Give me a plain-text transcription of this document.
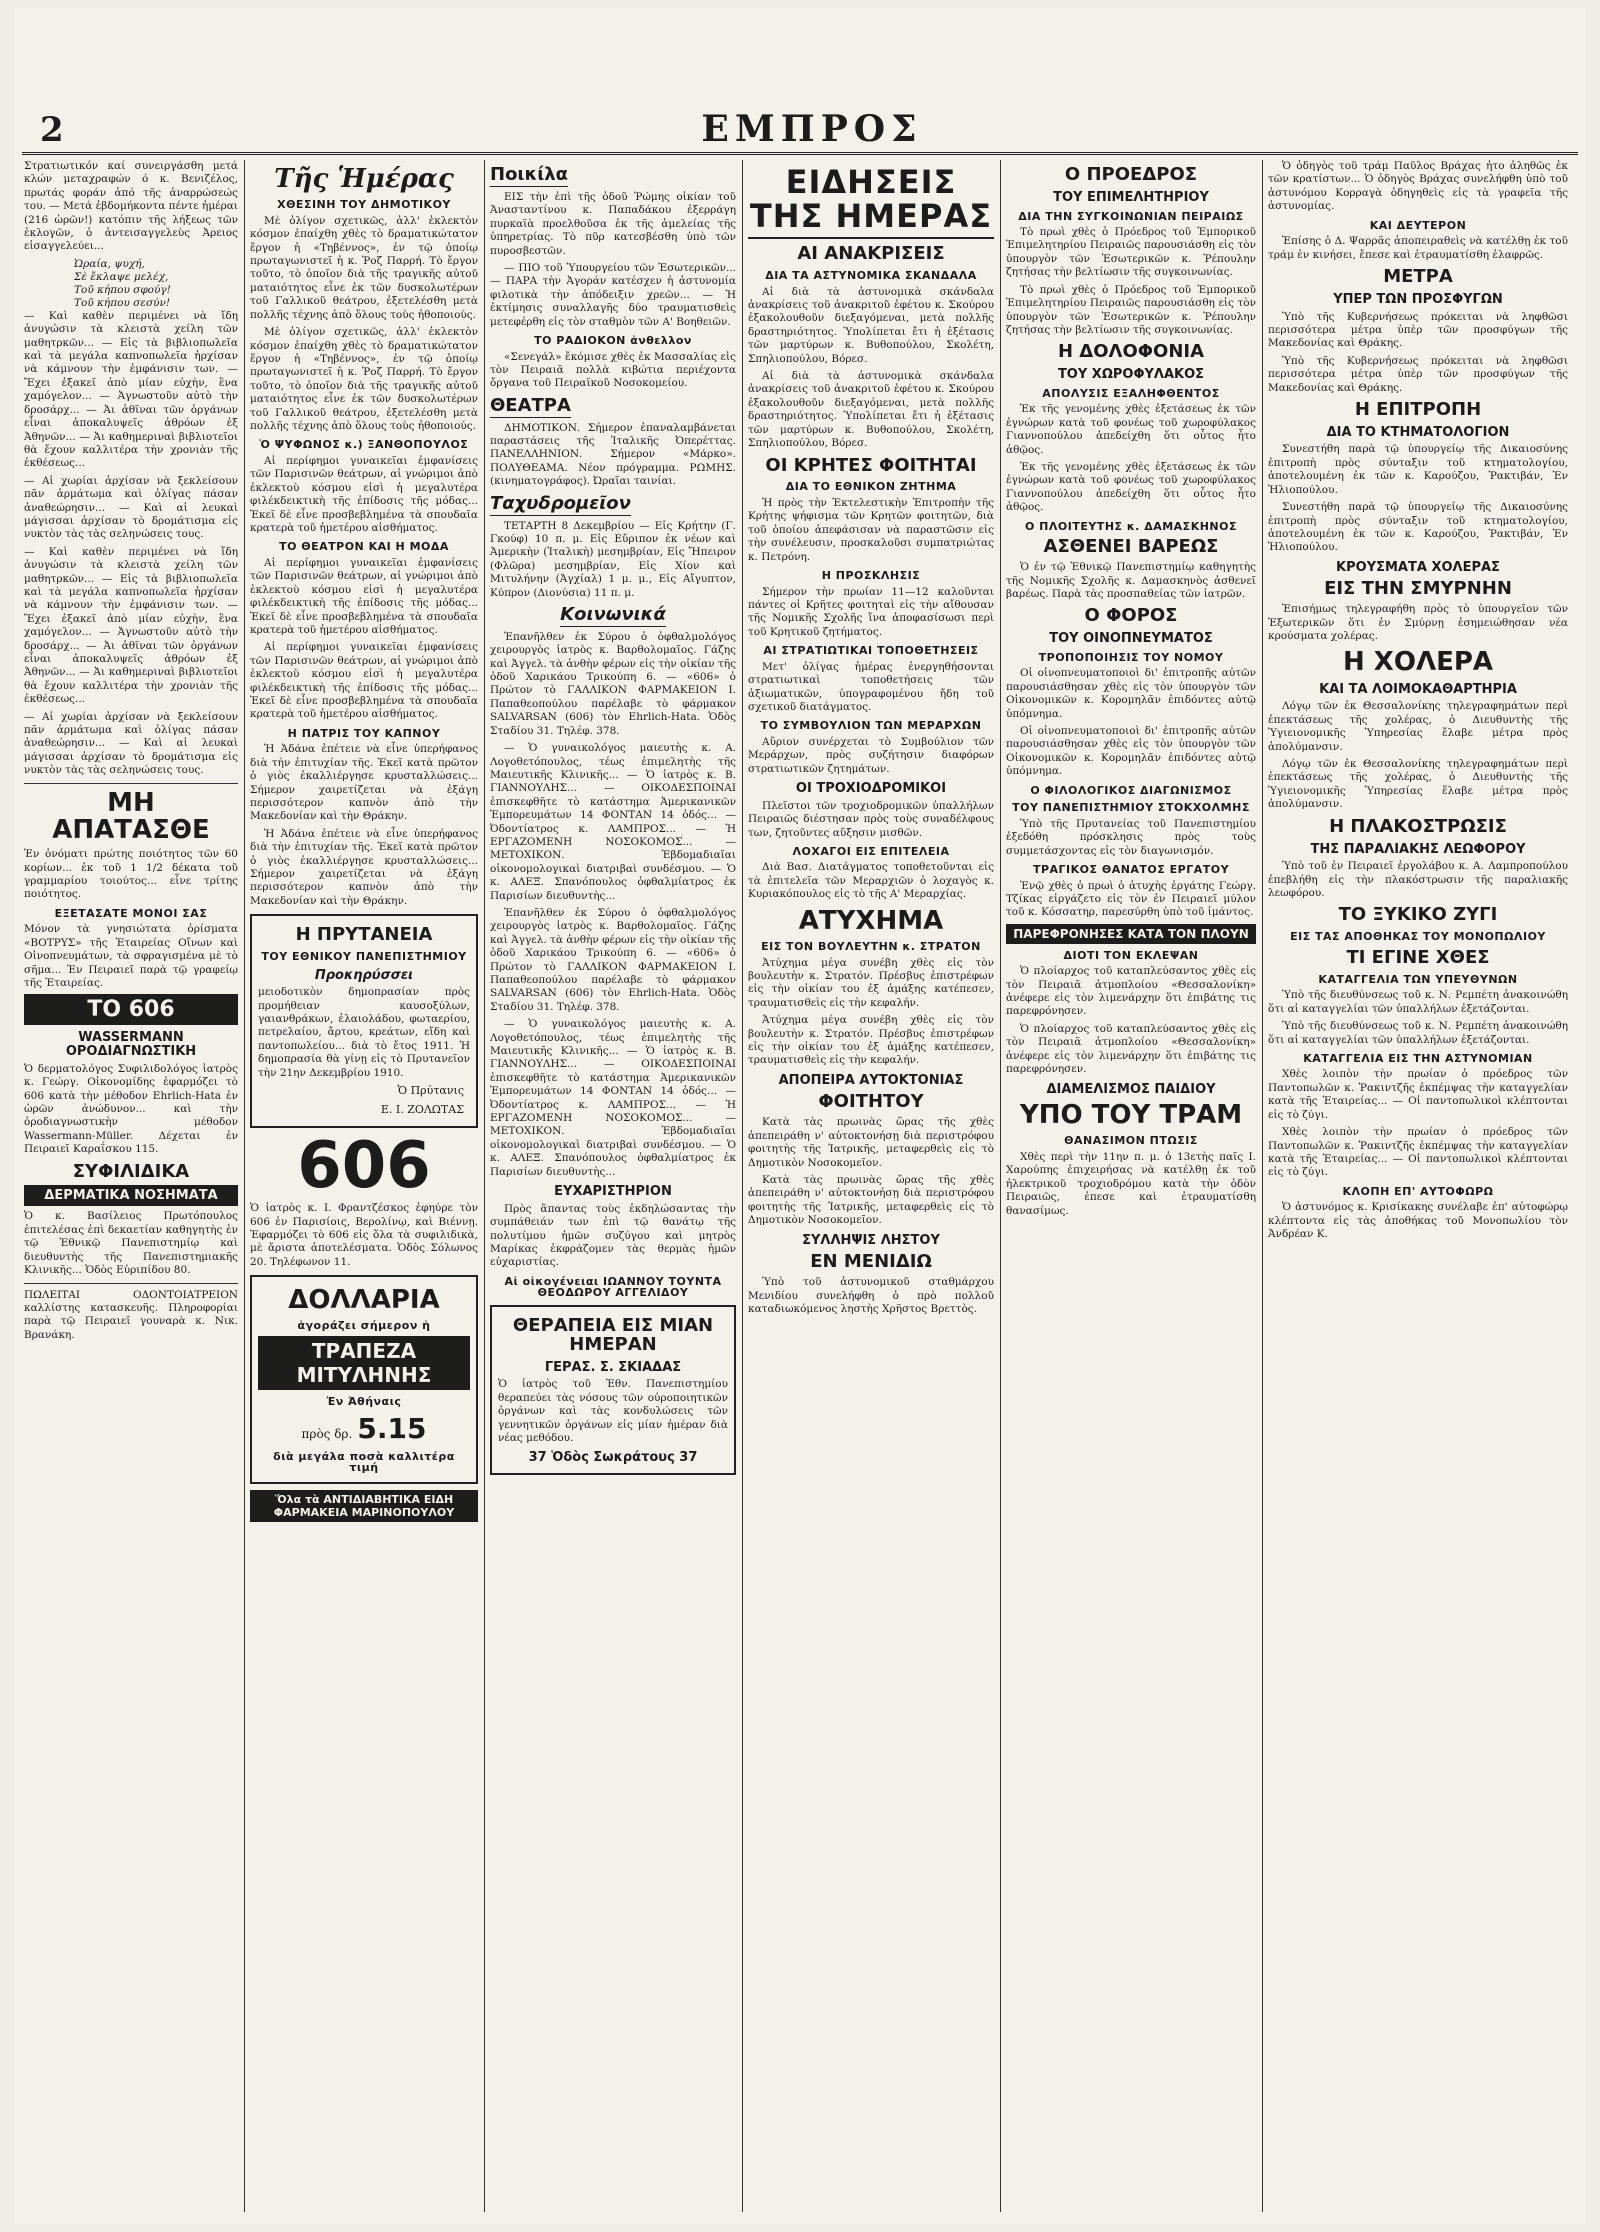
2	ΕΜΠΡΟΣ

Στρατιωτικόν καί συνειργάσθη μετά κλών μεταχραφών ό κ. Βενιζέλος, πρωτάς φοράν ἀπό τῆς ἀναρρώσεώς του. — Μετά ἐβδομήκοντα πέντε ἡμέραι (216 ὡρῶν!) κατόπιν τῆς λήξεως τῶν ἐκλογῶν, ὁ ἀντεισαγγελεὺς Ἀρειος εἰσαγγελεύει...

Ὡραία, ψυχή,
Σὲ ἔκλαψε μελέχ,
Τοῦ κήπου σφούγ!
Τοῦ κήπου σεσύν!

— Καὶ καθὲν περιμένει νὰ ἴδη ἀνυγώσιν τὰ κλειστὰ χείλη τῶν μαθητρκῶν... — Εἰς τὰ βιβλιοπωλεῖα καὶ τὰ μεγάλα καπνοπωλεῖα ἡρχίσαν νὰ κάμνουν τὴν ἐμφάνισιν των. — Ἔχει ἐξακεῖ ἀπὸ μίαν εὐχὴν, ἓνα χαμόγελον... — Ἀγνωστοῦν αὐτὸ τὴν δροσάρχ... — Ἀι ἀθῖναι τῶν ὀργάνων εἶναι ἀποκαλυψεῖς ἀθρόων ἐξ Ἀθηνῶν... — Ἀι καθημεριναὶ βιβλιοτεῖοι θὰ ἔχουν καλλιτέρα τὴν χρονιὰν τῆς ἐκθέσεως...

— Αἱ χωρίαι ἀρχίσαν νὰ ξεκλείσουν πᾶν ἀρμάτωμα καὶ ὁλίγας πάσαν ἀναθεώρησιν... — Καὶ αἱ λευκαὶ μάγισσαι ἀρχίσαν τὸ δρομάτισμα εἰς νυκτὸν τὰς τὰς σεληνώσεις τους.

— Καὶ καθὲν περιμένει νὰ ἴδη ἀνυγώσιν τὰ κλειστὰ χείλη τῶν μαθητρκῶν... — Εἰς τὰ βιβλιοπωλεῖα καὶ τὰ μεγάλα καπνοπωλεῖα ἡρχίσαν νὰ κάμνουν τὴν ἐμφάνισιν των. — Ἔχει ἐξακεῖ ἀπὸ μίαν εὐχὴν, ἓνα χαμόγελον... — Ἀγνωστοῦν αὐτὸ τὴν δροσάρχ... — Ἀι ἀθῖναι τῶν ὀργάνων εἶναι ἀποκαλυψεῖς ἀθρόων ἐξ Ἀθηνῶν... — Ἀι καθημεριναὶ βιβλιοτεῖοι θὰ ἔχουν καλλιτέρα τὴν χρονιὰν τῆς ἐκθέσεως...

— Αἱ χωρίαι ἀρχίσαν νὰ ξεκλείσουν πᾶν ἀρμάτωμα καὶ ὁλίγας πάσαν ἀναθεώρησιν... — Καὶ αἱ λευκαὶ μάγισσαι ἀρχίσαν τὸ δρομάτισμα εἰς νυκτὸν τὰς τὰς σεληνώσεις τους.

ΜΗ ΑΠΑΤΑΣΘΕ

Ἐν ὀνόματι πρώτης ποιότητος τῶν 60 κορίων... ἐκ τοῦ 1 1/2 δέκατα τοῦ γραμμαρίου τοιούτος... εἶνε τρίτης ποιότητος.

ΕΞΕΤΑΣΑΤΕ ΜΟΝΟΙ ΣΑΣ

Μόνον τὰ γνησιώτατα ὀρίσματα «ΒΟΤΡΥΣ» τῆς Ἑταιρείας Οἴνων καὶ Οἰνοπνευμάτων, τὰ σφραγισμένα μὲ τὸ σῆμα... Ἐν Πειραιεῖ παρὰ τῷ γραφείῳ τῆς Ἑταιρείας.

ΤΟ 606
WASSERMANN ΟΡΟΔΙΑΓΝΩΣΤΙΚΗ

Ὁ δερματολόγος Συφιλιδολόγος ἰατρὸς κ. Γεώργ. Οἰκονομίδης ἐφαρμόζει τὸ 606 κατὰ τὴν μέθοδον Ehrlich-Hata ἐν ὡρῶν ἀνώδυνον... καὶ τὴν ὀροδιαγνωστικὴν μέθοδον Wassermann-Müller. Δέχεται ἐν Πειραιεῖ Καραΐσκου 115.

ΣΥΦΙΛΙΔΙΚΑ
ΔΕΡΜΑΤΙΚΑ ΝΟΣΗΜΑΤΑ

Ὁ κ. Βασίλειος Πρωτόπουλος ἐπιτελέσας ἐπὶ δεκαετίαν καθηγητὴς ἐν τῷ Ἐθνικῷ Πανεπιστημίῳ καὶ διευθυντὴς τῆς Πανεπιστημιακῆς Κλινικῆς... Ὁδὸς Εὐριπίδου 80.

ΠΩΛΕΙΤΑΙ ΟΔΟΝΤΟΙΑΤΡΕΙΟΝ καλλίστης κατασκευῆς. Πληροφορίαι παρὰ τῷ Πειραιεῖ γουναρὰ κ. Νικ. Βρανάκη.

Τῆς Ἡμέρας
ΧΘΕΣΙΝΗ ΤΟΥ ΔΗΜΟΤΙΚΟΥ

Μὲ ὀλίγον σχετικῶς, ἀλλ' ἐκλεκτὸν κόσμον ἐπαίχθη χθὲς τὸ δραματικώτατον ἔργον ἡ «Τηβέννος», ἐν τῷ ὁποίῳ πρωταγωνιστεῖ ἡ κ. Ῥοζ Παρρή. Τὸ ἔργον τοῦτο, τὸ ὁποῖον διὰ τῆς τραγικῆς αὐτοῦ ματαιότητος εἶνε ἐκ τῶν δυσκολωτέρων τοῦ Γαλλικοῦ θεάτρου, ἐξετελέσθη μετὰ πολλῆς τέχνης ἀπὸ ὅλους τοὺς ἠθοποιούς.

Μὲ ὀλίγον σχετικῶς, ἀλλ' ἐκλεκτὸν κόσμον ἐπαίχθη χθὲς τὸ δραματικώτατον ἔργον ἡ «Τηβέννος», ἐν τῷ ὁποίῳ πρωταγωνιστεῖ ἡ κ. Ῥοζ Παρρή. Τὸ ἔργον τοῦτο, τὸ ὁποῖον διὰ τῆς τραγικῆς αὐτοῦ ματαιότητος εἶνε ἐκ τῶν δυσκολωτέρων τοῦ Γαλλικοῦ θεάτρου, ἐξετελέσθη μετὰ πολλῆς τέχνης ἀπὸ ὅλους τοὺς ἠθοποιούς.

Ὁ ΨΥΦΩΝΟΣ κ.) ΞΑΝΘΟΠΟΥΛΟΣ

Αἱ περίφημοι γυναικεῖαι ἐμφανίσεις τῶν Παρισινῶν θεάτρων, αἱ γνώριμοι ἀπὸ ἐκλεκτοὺ κόσμου εἰσὶ ἡ μεγαλυτέρα φιλέκδεικτικὴ τῆς ἐπίδοσις τῆς μόδας... Ἐκεῖ δὲ εἶνε προσβεβλημένα τὰ σπουδαῖα κρατερὰ τοῦ ἡμετέρου αἰσθήματος.

ΤΟ ΘΕΑΤΡΟΝ ΚΑΙ Η ΜΟΔΑ

Αἱ περίφημοι γυναικεῖαι ἐμφανίσεις τῶν Παρισινῶν θεάτρων, αἱ γνώριμοι ἀπὸ ἐκλεκτοὺ κόσμου εἰσὶ ἡ μεγαλυτέρα φιλέκδεικτικὴ τῆς ἐπίδοσις τῆς μόδας... Ἐκεῖ δὲ εἶνε προσβεβλημένα τὰ σπουδαῖα κρατερὰ τοῦ ἡμετέρου αἰσθήματος.

Αἱ περίφημοι γυναικεῖαι ἐμφανίσεις τῶν Παρισινῶν θεάτρων, αἱ γνώριμοι ἀπὸ ἐκλεκτοὺ κόσμου εἰσὶ ἡ μεγαλυτέρα φιλέκδεικτικὴ τῆς ἐπίδοσις τῆς μόδας... Ἐκεῖ δὲ εἶνε προσβεβλημένα τὰ σπουδαῖα κρατερὰ τοῦ ἡμετέρου αἰσθήματος.

Η ΠΑΤΡΙΣ ΤΟΥ ΚΑΠΝΟΥ

Ἡ Ἀδάνα ἐπέτειε νὰ εἶνε ὑπερήφανος διὰ τὴν ἐπιτυχίαν τῆς. Ἐκεῖ κατὰ πρῶτον ὁ γιὸς ἐκαλλιέργησε κρυσταλλώσεις... Σήμερον χαιρετίζεται νὰ ἐξάγη περισσότερον καπνὸν ἀπὸ τὴν Μακεδονίαν καὶ τὴν Θράκην.

Ἡ Ἀδάνα ἐπέτειε νὰ εἶνε ὑπερήφανος διὰ τὴν ἐπιτυχίαν τῆς. Ἐκεῖ κατὰ πρῶτον ὁ γιὸς ἐκαλλιέργησε κρυσταλλώσεις... Σήμερον χαιρετίζεται νὰ ἐξάγη περισσότερον καπνὸν ἀπὸ τὴν Μακεδονίαν καὶ τὴν Θράκην.

Η ΠΡΥΤΑΝΕΙΑ
ΤΟΥ ΕΘΝΙΚΟΥ ΠΑΝΕΠΙΣΤΗΜΙΟΥ
Προκηρύσσει

μειοδοτικὸν δημοπρασίαν πρὸς προμήθειαν καυσοξύλων, γαιανθράκων, ἐλαιολάδου, φωταερίου, πετρελαίου, ἄρτου, κρεάτων, εἴδη καὶ παντοπωλείου... διὰ τὸ ἔτος 1911. Ἡ δημοπρασία θὰ γίνῃ εἰς τὸ Πρυτανεῖον τὴν 21ην Δεκεμβρίου 1910.

Ὁ Πρύτανις
Ε. Ι. ΖΟΛΩΤΑΣ
606

Ὁ ἰατρὸς κ. Ι. Φραντζέσκος ἐφηύρε τὸν 606 ἐν Παρισίοις, Βερολίνῳ, καὶ Βιέννῃ. Ἐφαρμόζει τὸ 606 εἰς ὅλα τὰ συφιλιδικὰ, μὲ ἄριστα ἀποτελέσματα. Ὁδὸς Σόλωνος 20. Τηλέφωνον 11.

ΔΟΛΛΑΡΙΑ
ἀγοράζει σήμερον ἡ
ΤΡΑΠΕΖΑ ΜΙΤΥΛΗΝΗΣ
Ἐν Ἀθήναις
πρὸς δρ. 5.15
διὰ μεγάλα ποσὰ καλλιτέρα τιμή
Ὅλα τὰ ΑΝΤΙΔΙΑΒΗΤΙΚΑ ΕΙΔΗ ΦΑΡΜΑΚΕΙΑ ΜΑΡΙΝΟΠΟΥΛΟΥ
Ποικίλα

ΕΙΣ τὴν ἐπὶ τῆς ὁδοῦ Ῥώμης οἰκίαν τοῦ Ἀνασταντίνου κ. Παπαδάκου ἐξερράγη πυρκαϊὰ προελθοῦσα ἐκ τῆς ἀμελείας τῆς ὑπηρετρίας. Τὸ πῦρ κατεσβέσθη ὑπὸ τῶν πυροσβεστῶν.

— ΠΙΟ τοῦ Ὑπουργείου τῶν Ἐσωτερικῶν... — ΠΑΡΑ τὴν Ἀγοράν κατέσχεν ἡ ἀστυνομία φιλοτικὰ τὴν ἀπόδειξιν χρεῶν... — Ἡ ἐκτίμησις συναλλαγῆς δύο τραυματισθεὶς μετεφέρθη εἰς τὸν σταθμὸν τῶν Α' Βοηθειῶν.

ΤΟ ΡΑΔΙΟΚΟΝ ἀνθελλον

«Σενεγάλ» ἔκόμισε χθὲς ἐκ Μασσαλίας εἰς τὸν Πειραιᾶ πολλὰ κιβώτια περιέχοντα ὄργανα τοῦ Πειραϊκοῦ Νοσοκομείου.

ΘΕΑΤΡΑ

ΔΗΜΟΤΙΚΟΝ. Σήμερον ἐπαναλαμβάνεται παραστάσεις τῆς Ἰταλικῆς Ὀπερέττας. ΠΑΝΕΛΛΗΝΙΟΝ. Σήμερον «Μάρκο». ΠΟΛΥΘΕΑΜΑ. Νέον πρόγραμμα. ΡΩΜΗΣ. (κινηματογράφος). Ὠραῖαι ταινίαι.

Ταχυδρομεῖον

ΤΕΤΑΡΤΗ 8 Δεκεμβρίου — Εἰς Κρήτην (Γ. Γκούφ) 10 π. μ. Εἰς Εὔριπον ἐκ νέων καὶ Ἀμερικὴν (Ἰταλικὴ) μεσημβρίαν, Εἰς Ἤπειρον (Φλῶρα) μεσημβρίαν, Εἰς Χίον καὶ Μιτυλήνην (Ἀγχίαλ) 1 μ. μ., Εἰς Αἴγυπτον, Κύπρον (Διονύσια) 11 π. μ.

Κοινωνικά

Ἐπανῆλθεν ἐκ Σύρου ὁ ὀφθαλμολόγος χειρουργὸς ἰατρὸς κ. Βαρθολομαῖος. Γάζης καὶ Ἀγγελ. τὰ ἀνθὴν φέρων εἰς τὴν οἰκίαν τῆς ὁδοῦ Χαρικάου Τρικούπη 6. — «606» ὁ Πρώτον τὸ ΓΑΛΛΙΚΟΝ ΦΑΡΜΑΚΕΙΟΝ Ι. Παπαθεοπούλου παρέλαβε τὸ φάρμακον SALVARSAN (606) τὸν Ehrlich-Hata. Ὁδὸς Σταδίου 31. Τηλέφ. 378.

— Ὁ γυναικολόγος μαιευτὴς κ. Α. Λογοθετόπουλος, τέως ἐπιμελητὴς τῆς Μαιευτικῆς Κλινικῆς... — Ὁ ἰατρὸς κ. Β. ΓΙΑΝΝΟΥΛΗΣ... — ΟΙΚΟΔΕΣΠΟΙΝΑΙ ἐπισκεφθῆτε τὸ κατάστημα Ἀμερικανικῶν Ἐμπορευμάτων 14 ΦΟΝΤΑΝ 14 ὁδός... — Ὀδοντίατρος κ. ΛΑΜΠΡΟΣ... — Ἡ ΕΡΓΑΖΟΜΕΝΗ ΝΟΣΟΚΟΜΟΣ... — ΜΕΤΟΧΙΚΟΝ. Ἐβδομαδιαῖαι οἰκονομολογικαὶ διατριβαὶ συνδέσμου. — Ὁ κ. ΑΛΕΞ. Σπανόπουλος ὀφθαλμίατρος ἐκ Παρισίων διευθυντὴς...

Ἐπανῆλθεν ἐκ Σύρου ὁ ὀφθαλμολόγος χειρουργὸς ἰατρὸς κ. Βαρθολομαῖος. Γάζης καὶ Ἀγγελ. τὰ ἀνθὴν φέρων εἰς τὴν οἰκίαν τῆς ὁδοῦ Χαρικάου Τρικούπη 6. — «606» ὁ Πρώτον τὸ ΓΑΛΛΙΚΟΝ ΦΑΡΜΑΚΕΙΟΝ Ι. Παπαθεοπούλου παρέλαβε τὸ φάρμακον SALVARSAN (606) τὸν Ehrlich-Hata. Ὁδὸς Σταδίου 31. Τηλέφ. 378.

— Ὁ γυναικολόγος μαιευτὴς κ. Α. Λογοθετόπουλος, τέως ἐπιμελητὴς τῆς Μαιευτικῆς Κλινικῆς... — Ὁ ἰατρὸς κ. Β. ΓΙΑΝΝΟΥΛΗΣ... — ΟΙΚΟΔΕΣΠΟΙΝΑΙ ἐπισκεφθῆτε τὸ κατάστημα Ἀμερικανικῶν Ἐμπορευμάτων 14 ΦΟΝΤΑΝ 14 ὁδός... — Ὀδοντίατρος κ. ΛΑΜΠΡΟΣ... — Ἡ ΕΡΓΑΖΟΜΕΝΗ ΝΟΣΟΚΟΜΟΣ... — ΜΕΤΟΧΙΚΟΝ. Ἐβδομαδιαῖαι οἰκονομολογικαὶ διατριβαὶ συνδέσμου. — Ὁ κ. ΑΛΕΞ. Σπανόπουλος ὀφθαλμίατρος ἐκ Παρισίων διευθυντὴς...

ΕΥΧΑΡΙΣΤΗΡΙΟΝ

Πρὸς ἅπαντας τοὺς ἐκδηλώσαντας τὴν συμπάθειάν των ἐπὶ τῷ θανάτῳ τῆς πολυτίμου ἡμῶν συζύγου καὶ μητρὸς Μαρίκας ἐκφράζομεν τὰς θερμὰς ἡμῶν εὐχαριστίας.

Αἱ οἰκογένειαι ΙΩΑΝΝΟΥ ΤΟΥΝΤΑ ΘΕΟΔΩΡΟΥ ΑΓΓΕΛΙΔΟΥ
ΘΕΡΑΠΕΙΑ ΕΙΣ ΜΙΑΝ ΗΜΕΡΑΝ
ΓΕΡΑΣ. Σ. ΣΚΙΑΔΑΣ

Ὁ ἰατρὸς τοῦ Ἐθν. Πανεπιστημίου θεραπεύει τὰς νόσους τῶν οὐροποιητικῶν ὀργάνων καὶ τὰς κονδυλώσεις τῶν γεννητικῶν ὀργάνων εἰς μίαν ἡμέραν διὰ νέας μεθόδου.

37 Ὁδὸς Σωκράτους 37
ΕΙΔΗΣΕΙΣ ΤΗΣ ΗΜΕΡΑΣ
ΑΙ ΑΝΑΚΡΙΣΕΙΣ
ΔΙΑ ΤΑ ΑΣΤΥΝΟΜΙΚΑ ΣΚΑΝΔΑΛΑ

Αἱ διὰ τὰ ἀστυνομικὰ σκάνδαλα ἀνακρίσεις τοῦ ἀνακριτοῦ ἐφέτου κ. Σκούρου ἐξακολουθοῦν διεξαγόμεναι, μετὰ πολλῆς δραστηριότητος. Ὑπολίπεται ἔτι ἡ ἐξέτασις τῶν μαρτύρων κ. Βυθοπούλου, Σκολέτη, Σπηλιοπούλου, Βόρεσ.

Αἱ διὰ τὰ ἀστυνομικὰ σκάνδαλα ἀνακρίσεις τοῦ ἀνακριτοῦ ἐφέτου κ. Σκούρου ἐξακολουθοῦν διεξαγόμεναι, μετὰ πολλῆς δραστηριότητος. Ὑπολίπεται ἔτι ἡ ἐξέτασις τῶν μαρτύρων κ. Βυθοπούλου, Σκολέτη, Σπηλιοπούλου, Βόρεσ.

ΟΙ ΚΡΗΤΕΣ ΦΟΙΤΗΤΑΙ
ΔΙΑ ΤΟ ΕΘΝΙΚΟΝ ΖΗΤΗΜΑ

Ἡ πρὸς τὴν Ἐκτελεστικὴν Ἐπιτροπὴν τῆς Κρήτης ψήφισμα τῶν Κρητῶν φοιτητῶν, διὰ τοῦ ὁποίου ἀπεφάσισαν νὰ παραστῶσιν εἰς τὴν συνέλευσιν, προσκαλοῦσι συμπατριώτας κ. Πετρόνη.

Η ΠΡΟΣΚΛΗΣΙΣ

Σήμερον τὴν πρωίαν 11—12 καλοῦνται πάντες οἱ Κρῆτες φοιτηταὶ εἰς τὴν αἴθουσαν τῆς Νομικῆς Σχολῆς ἵνα ἀποφασίσωσι περὶ τοῦ Κρητικοῦ ζητήματος.

ΑΙ ΣΤΡΑΤΙΩΤΙΚΑΙ ΤΟΠΟΘΕΤΗΣΕΙΣ

Μετ' ὀλίγας ἡμέρας ἐνεργηθήσονται στρατιωτικαὶ τοποθετήσεις τῶν ἀξιωματικῶν, ὑπογραφομένου ἤδη τοῦ σχετικοῦ διατάγματος.

ΤΟ ΣΥΜΒΟΥΛΙΟΝ ΤΩΝ ΜΕΡΑΡΧΩΝ

Αὔριον συνέρχεται τὸ Συμβούλιον τῶν Μεράρχων, πρὸς συζήτησιν διαφόρων στρατιωτικῶν ζητημάτων.

ΟΙ ΤΡΟΧΙΟΔΡΟΜΙΚΟΙ

Πλεῖστοι τῶν τροχιοδρομικῶν ὑπαλλήλων Πειραιῶς διέστησαν πρὸς τοὺς συναδέλφους των, ζητοῦντες αὔξησιν μισθῶν.

ΛΟΧΑΓΟΙ ΕΙΣ ΕΠΙΤΕΛΕΙΑ

Διὰ Βασ. Διατάγματος τοποθετοῦνται εἰς τὰ ἐπιτελεῖα τῶν Μεραρχιῶν ὁ λοχαγὸς κ. Κυριακόπουλος εἰς τὸ τῆς Α' Μεραρχίας.

ΑΤΥΧΗΜΑ
ΕΙΣ ΤΟΝ ΒΟΥΛΕΥΤΗΝ κ. ΣΤΡΑΤΟΝ

Ἀτύχημα μέγα συνέβη χθὲς εἰς τὸν βουλευτὴν κ. Στρατόν. Πρέσβυς ἐπιστρέφων εἰς τὴν οἰκίαν του ἐξ ἁμάξης κατέπεσεν, τραυματισθεὶς εἰς τὴν κεφαλήν.

Ἀτύχημα μέγα συνέβη χθὲς εἰς τὸν βουλευτὴν κ. Στρατόν. Πρέσβυς ἐπιστρέφων εἰς τὴν οἰκίαν του ἐξ ἁμάξης κατέπεσεν, τραυματισθεὶς εἰς τὴν κεφαλήν.

ΑΠΟΠΕΙΡΑ ΑΥΤΟΚΤΟΝΙΑΣ
ΦΟΙΤΗΤΟΥ

Κατὰ τὰς πρωινὰς ὥρας τῆς χθὲς ἀπεπειράθη ν' αὐτοκτονήσῃ διὰ περιστρόφου φοιτητὴς τῆς Ἰατρικῆς, μεταφερθεὶς εἰς τὸ Δημοτικὸν Νοσοκομεῖον.

Κατὰ τὰς πρωινὰς ὥρας τῆς χθὲς ἀπεπειράθη ν' αὐτοκτονήσῃ διὰ περιστρόφου φοιτητὴς τῆς Ἰατρικῆς, μεταφερθεὶς εἰς τὸ Δημοτικὸν Νοσοκομεῖον.

ΣΥΛΛΗΨΙΣ ΛΗΣΤΟΥ
ΕΝ ΜΕΝΙΔΙΩ

Ὑπὸ τοῦ ἀστυνομικοῦ σταθμάρχου Μενιδίου συνελήφθη ὁ πρὸ πολλοῦ καταδιωκόμενος ληστὴς Χρῆστος Βρεττὸς.

Ο ΠΡΟΕΔΡΟΣ
ΤΟΥ ΕΠΙΜΕΛΗΤΗΡΙΟΥ
ΔΙΑ ΤΗΝ ΣΥΓΚΟΙΝΩΝΙΑΝ ΠΕΙΡΑΙΩΣ

Τὸ πρωὶ χθὲς ὁ Πρόεδρος τοῦ Ἐμπορικοῦ Ἐπιμελητηρίου Πειραιῶς παρουσιάσθη εἰς τὸν ὑπουργὸν τῶν Ἐσωτερικῶν κ. Ῥέπουλην ζητήσας τὴν βελτίωσιν τῆς συγκοινωνίας.

Τὸ πρωὶ χθὲς ὁ Πρόεδρος τοῦ Ἐμπορικοῦ Ἐπιμελητηρίου Πειραιῶς παρουσιάσθη εἰς τὸν ὑπουργὸν τῶν Ἐσωτερικῶν κ. Ῥέπουλην ζητήσας τὴν βελτίωσιν τῆς συγκοινωνίας.

Η ΔΟΛΟΦΟΝΙΑ
ΤΟΥ ΧΩΡΟΦΥΛΑΚΟΣ
ΑΠΟΛΥΣΙΣ ΕΞΑΛΗΦΘΕΝΤΟΣ

Ἐκ τῆς γενομένης χθὲς ἐξετάσεως ἐκ τῶν ἐγνώρων κατὰ τοῦ φονέως τοῦ χωροφύλακος Γιαννοπούλου ἀπεδείχθη ὅτι οὗτος ἦτο ἀθῷος.

Ἐκ τῆς γενομένης χθὲς ἐξετάσεως ἐκ τῶν ἐγνώρων κατὰ τοῦ φονέως τοῦ χωροφύλακος Γιαννοπούλου ἀπεδείχθη ὅτι οὗτος ἦτο ἀθῷος.

Ο ΠΛΟΙΤΕΥΤΗΣ κ. ΔΑΜΑΣΚΗΝΟΣ
ΑΣΘΕΝΕΙ ΒΑΡΕΩΣ

Ὁ ἐν τῷ Ἐθνικῷ Πανεπιστημίῳ καθηγητὴς τῆς Νομικῆς Σχολῆς κ. Δαμασκηνὸς ἀσθενεῖ βαρέως. Παρὰ τὰς προσπαθείας τῶν ἰατρῶν.

Ο ΦΟΡΟΣ
ΤΟΥ ΟΙΝΟΠΝΕΥΜΑΤΟΣ
ΤΡΟΠΟΠΟΙΗΣΙΣ ΤΟΥ ΝΟΜΟΥ

Οἱ οἰνοπνευματοποιοὶ δι' ἐπιτροπῆς αὐτῶν παρουσιάσθησαν χθὲς εἰς τὸν ὑπουργὸν τῶν Οἰκονομικῶν κ. Κορομηλᾶν ἐπιδόντες αὐτῷ ὑπόμνημα.

Οἱ οἰνοπνευματοποιοὶ δι' ἐπιτροπῆς αὐτῶν παρουσιάσθησαν χθὲς εἰς τὸν ὑπουργὸν τῶν Οἰκονομικῶν κ. Κορομηλᾶν ἐπιδόντες αὐτῷ ὑπόμνημα.

Ο ΦΙΛΟΛΟΓΙΚΟΣ ΔΙΑΓΩΝΙΣΜΟΣ
ΤΟΥ ΠΑΝΕΠΙΣΤΗΜΙΟΥ ΣΤΟΚΧΟΛΜΗΣ

Ὑπὸ τῆς Πρυτανείας τοῦ Πανεπιστημίου ἐξεδόθη πρόσκλησις πρὸς τοὺς συμμετάσχοντας εἰς τὸν διαγωνισμόν.

ΤΡΑΓΙΚΟΣ ΘΑΝΑΤΟΣ ΕΡΓΑΤΟΥ

Ἐνῷ χθὲς ὁ πρωὶ ὁ ἀτυχὴς ἐργάτης Γεώργ. Τζίκας εἰργάζετο εἰς τὸν ἐν Πειραιεῖ μύλον τοῦ κ. Κόσσατηρ, παρεσύρθη ὑπὸ τοῦ ἱμάντος.

ΠΑΡΕΦΡΟΝΗΣΕΣ ΚΑΤΑ ΤΟΝ ΠΛΟΥΝ
ΔΙΟΤΙ ΤΟΝ ΕΚΛΕΨΑΝ

Ὁ πλοίαρχος τοῦ καταπλεύσαντος χθὲς εἰς τὸν Πειραιᾶ ἀτμοπλοίου «Θεσσαλονίκη» ἀνέφερε εἰς τὸν λιμενάρχην ὅτι ἐπιβάτης τις παρεφρόνησεν.

Ὁ πλοίαρχος τοῦ καταπλεύσαντος χθὲς εἰς τὸν Πειραιᾶ ἀτμοπλοίου «Θεσσαλονίκη» ἀνέφερε εἰς τὸν λιμενάρχην ὅτι ἐπιβάτης τις παρεφρόνησεν.

ΔΙΑΜΕΛΙΣΜΟΣ ΠΑΙΔΙΟΥ
ΥΠΟ ΤΟΥ ΤΡΑΜ
ΘΑΝΑΣΙΜΟΝ ΠΤΩΣΙΣ

Χθὲς περὶ τὴν 11ην π. μ. ὁ 13ετὴς παῖς Ι. Χαρούπης ἐπιχειρήσας νὰ κατέλθῃ ἐκ τοῦ ἠλεκτρικοῦ τροχιοδρόμου κατὰ τὴν ὁδὸν Πειραιῶς, ἐπεσε καὶ ἐτραυματίσθη θανασίμως.

Ὁ ὀδηγὸς τοῦ τράμ Παῦλος Βράχας ἦτο ἀληθῶς ἐκ τῶν κρατίστων... Ὁ ὀδηγὸς Βράχας συνελήφθη ὑπὸ τοῦ ἀστυνόμου Κορραγὰ ὁδηγηθεὶς εἰς τὰ γραφεῖα τῆς ἀστυνομίας.

ΚΑΙ ΔΕΥΤΕΡΟΝ

Ἐπίσης ὁ Δ. Ψαρρᾶς ἀποπειραθεὶς νὰ κατέλθῃ ἐκ τοῦ τράμ ἐν κινήσει, ἔπεσε καὶ ἐτραυματίσθη ἐλαφρῶς.

ΜΕΤΡΑ
ΥΠΕΡ ΤΩΝ ΠΡΟΣΦΥΓΩΝ

Ὑπὸ τῆς Κυβερνήσεως πρόκειται νὰ ληφθῶσι περισσότερα μέτρα ὑπὲρ τῶν προσφύγων τῆς Μακεδονίας καὶ Θράκης.

Ὑπὸ τῆς Κυβερνήσεως πρόκειται νὰ ληφθῶσι περισσότερα μέτρα ὑπὲρ τῶν προσφύγων τῆς Μακεδονίας καὶ Θράκης.

Η ΕΠΙΤΡΟΠΗ
ΔΙΑ ΤΟ ΚΤΗΜΑΤΟΛΟΓΙΟΝ

Συνεστήθη παρὰ τῷ ὑπουργείῳ τῆς Δικαιοσύνης ἐπιτροπὴ πρὸς σύνταξιν τοῦ κτηματολογίου, ἀποτελουμένη ἐκ τῶν κ. Καρούζου, Ῥακτιβάν, Ἐν Ἡλιοπούλου.

Συνεστήθη παρὰ τῷ ὑπουργείῳ τῆς Δικαιοσύνης ἐπιτροπὴ πρὸς σύνταξιν τοῦ κτηματολογίου, ἀποτελουμένη ἐκ τῶν κ. Καρούζου, Ῥακτιβάν, Ἐν Ἡλιοπούλου.

ΚΡΟΥΣΜΑΤΑ ΧΟΛΕΡΑΣ
ΕΙΣ ΤΗΝ ΣΜΥΡΝΗΝ

Ἐπισήμως τηλεγραφήθη πρὸς τὸ ὑπουργεῖον τῶν Ἐξωτερικῶν ὅτι ἐν Σμύρνῃ ἐσημειώθησαν νέα κρούσματα χολέρας.

Η ΧΟΛΕΡΑ
ΚΑΙ ΤΑ ΛΟΙΜΟΚΑΘΑΡΤΗΡΙΑ

Λόγῳ τῶν ἐκ Θεσσαλονίκης τηλεγραφημάτων περὶ ἐπεκτάσεως τῆς χολέρας, ὁ Διευθυντὴς τῆς Ὑγιειονομικῆς Ὑπηρεσίας ἔλαβε μέτρα πρὸς ἀπολύμανσιν.

Λόγῳ τῶν ἐκ Θεσσαλονίκης τηλεγραφημάτων περὶ ἐπεκτάσεως τῆς χολέρας, ὁ Διευθυντὴς τῆς Ὑγιειονομικῆς Ὑπηρεσίας ἔλαβε μέτρα πρὸς ἀπολύμανσιν.

Η ΠΛΑΚΟΣΤΡΩΣΙΣ
ΤΗΣ ΠΑΡΑΛΙΑΚΗΣ ΛΕΩΦΟΡΟΥ

Ὑπὸ τοῦ ἐν Πειραιεῖ ἐργολάβου κ. Α. Λαμπροπούλου ἐπεβλήθη εἰς τὴν πλακόστρωσιν τῆς παραλιακῆς λεωφόρου.

ΤΟ ΞΥΚΙΚΟ ΖΥΓΙ
ΕΙΣ ΤΑΣ ΑΠΟΘΗΚΑΣ ΤΟΥ ΜΟΝΟΠΩΛΙΟΥ
ΤΙ ΕΓΙΝΕ ΧΘΕΣ
ΚΑΤΑΓΓΕΛΙΑ ΤΩΝ ΥΠΕΥΘΥΝΩΝ

Ὑπὸ τῆς διευθύνσεως τοῦ κ. Ν. Ρεμπέτη ἀνακοινώθη ὅτι αἱ καταγγελίαι τῶν ὑπαλλήλων ἐξετάζονται.

Ὑπὸ τῆς διευθύνσεως τοῦ κ. Ν. Ρεμπέτη ἀνακοινώθη ὅτι αἱ καταγγελίαι τῶν ὑπαλλήλων ἐξετάζονται.

ΚΑΤΑΓΓΕΛΙΑ ΕΙΣ ΤΗΝ ΑΣΤΥΝΟΜΙΑΝ

Χθὲς λοιπὸν τὴν πρωίαν ὁ πρόεδρος τῶν Παντοπωλῶν κ. Ῥακιντζῆς ἐκπέμψας τὴν καταγγελίαν κατὰ τῆς Ἑταιρείας... — Οἱ παντοπωλικοὶ κλέπτονται εἰς τὸ ζύγι.

Χθὲς λοιπὸν τὴν πρωίαν ὁ πρόεδρος τῶν Παντοπωλῶν κ. Ῥακιντζῆς ἐκπέμψας τὴν καταγγελίαν κατὰ τῆς Ἑταιρείας... — Οἱ παντοπωλικοὶ κλέπτονται εἰς τὸ ζύγι.

ΚΛΟΠΗ ΕΠ' ΑΥΤΟΦΩΡΩ

Ὁ ἀστυνόμος κ. Κρισίκακης συνέλαβε ἐπ' αὐτοφώρῳ κλέπτοντα εἰς τὰς ἀποθήκας τοῦ Μονοπωλίου τὸν Ἀνδρέαν Κ.
